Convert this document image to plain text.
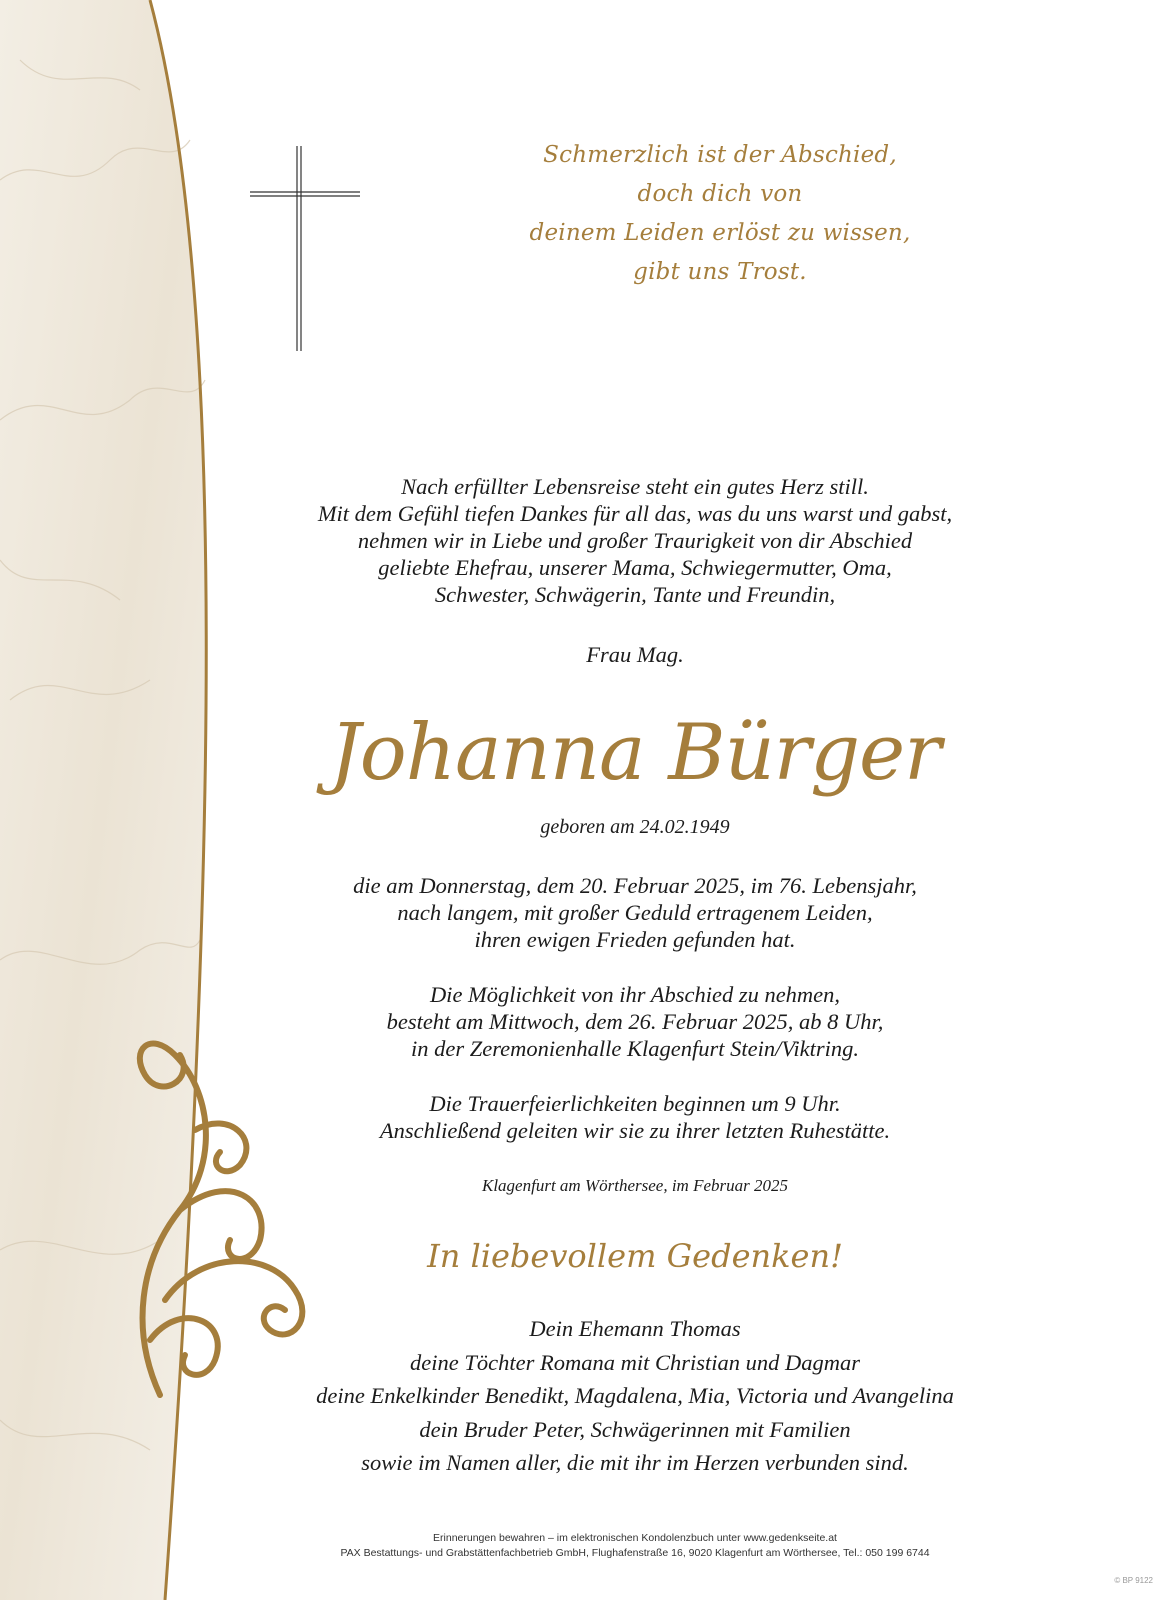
Schmerzlich ist der Abschied,
doch dich von
deinem Leiden erlöst zu wissen,
gibt uns Trost.
Nach erfüllter Lebensreise steht ein gutes Herz still.
Mit dem Gefühl tiefen Dankes für all das, was du uns warst und gabst,
nehmen wir in Liebe und großer Traurigkeit von dir Abschied
geliebte Ehefrau, unserer Mama, Schwiegermutter, Oma,
Schwester, Schwägerin, Tante und Freundin,
Frau Mag.
Johanna Bürger
geboren am 24.02.1949
die am Donnerstag, dem 20. Februar 2025, im 76. Lebensjahr,
nach langem, mit großer Geduld ertragenem Leiden,
ihren ewigen Frieden gefunden hat.
Die Möglichkeit von ihr Abschied zu nehmen,
besteht am Mittwoch, dem 26. Februar 2025, ab 8 Uhr,
in der Zeremonienhalle Klagenfurt Stein/Viktring.
Die Trauerfeierlichkeiten beginnen um 9 Uhr.
Anschließend geleiten wir sie zu ihrer letzten Ruhestätte.
Klagenfurt am Wörthersee, im Februar 2025
In liebevollem Gedenken!
Dein Ehemann Thomas
deine Töchter Romana mit Christian und Dagmar
deine Enkelkinder Benedikt, Magdalena, Mia, Victoria und Avangelina
dein Bruder Peter, Schwägerinnen mit Familien
sowie im Namen aller, die mit ihr im Herzen verbunden sind.
Erinnerungen bewahren – im elektronischen Kondolenzbuch unter www.gedenkseite.at
PAX Bestattungs- und Grabstättenfachbetrieb GmbH, Flughafenstraße 16, 9020 Klagenfurt am Wörthersee, Tel.: 050 199 6744
© BP 9122
